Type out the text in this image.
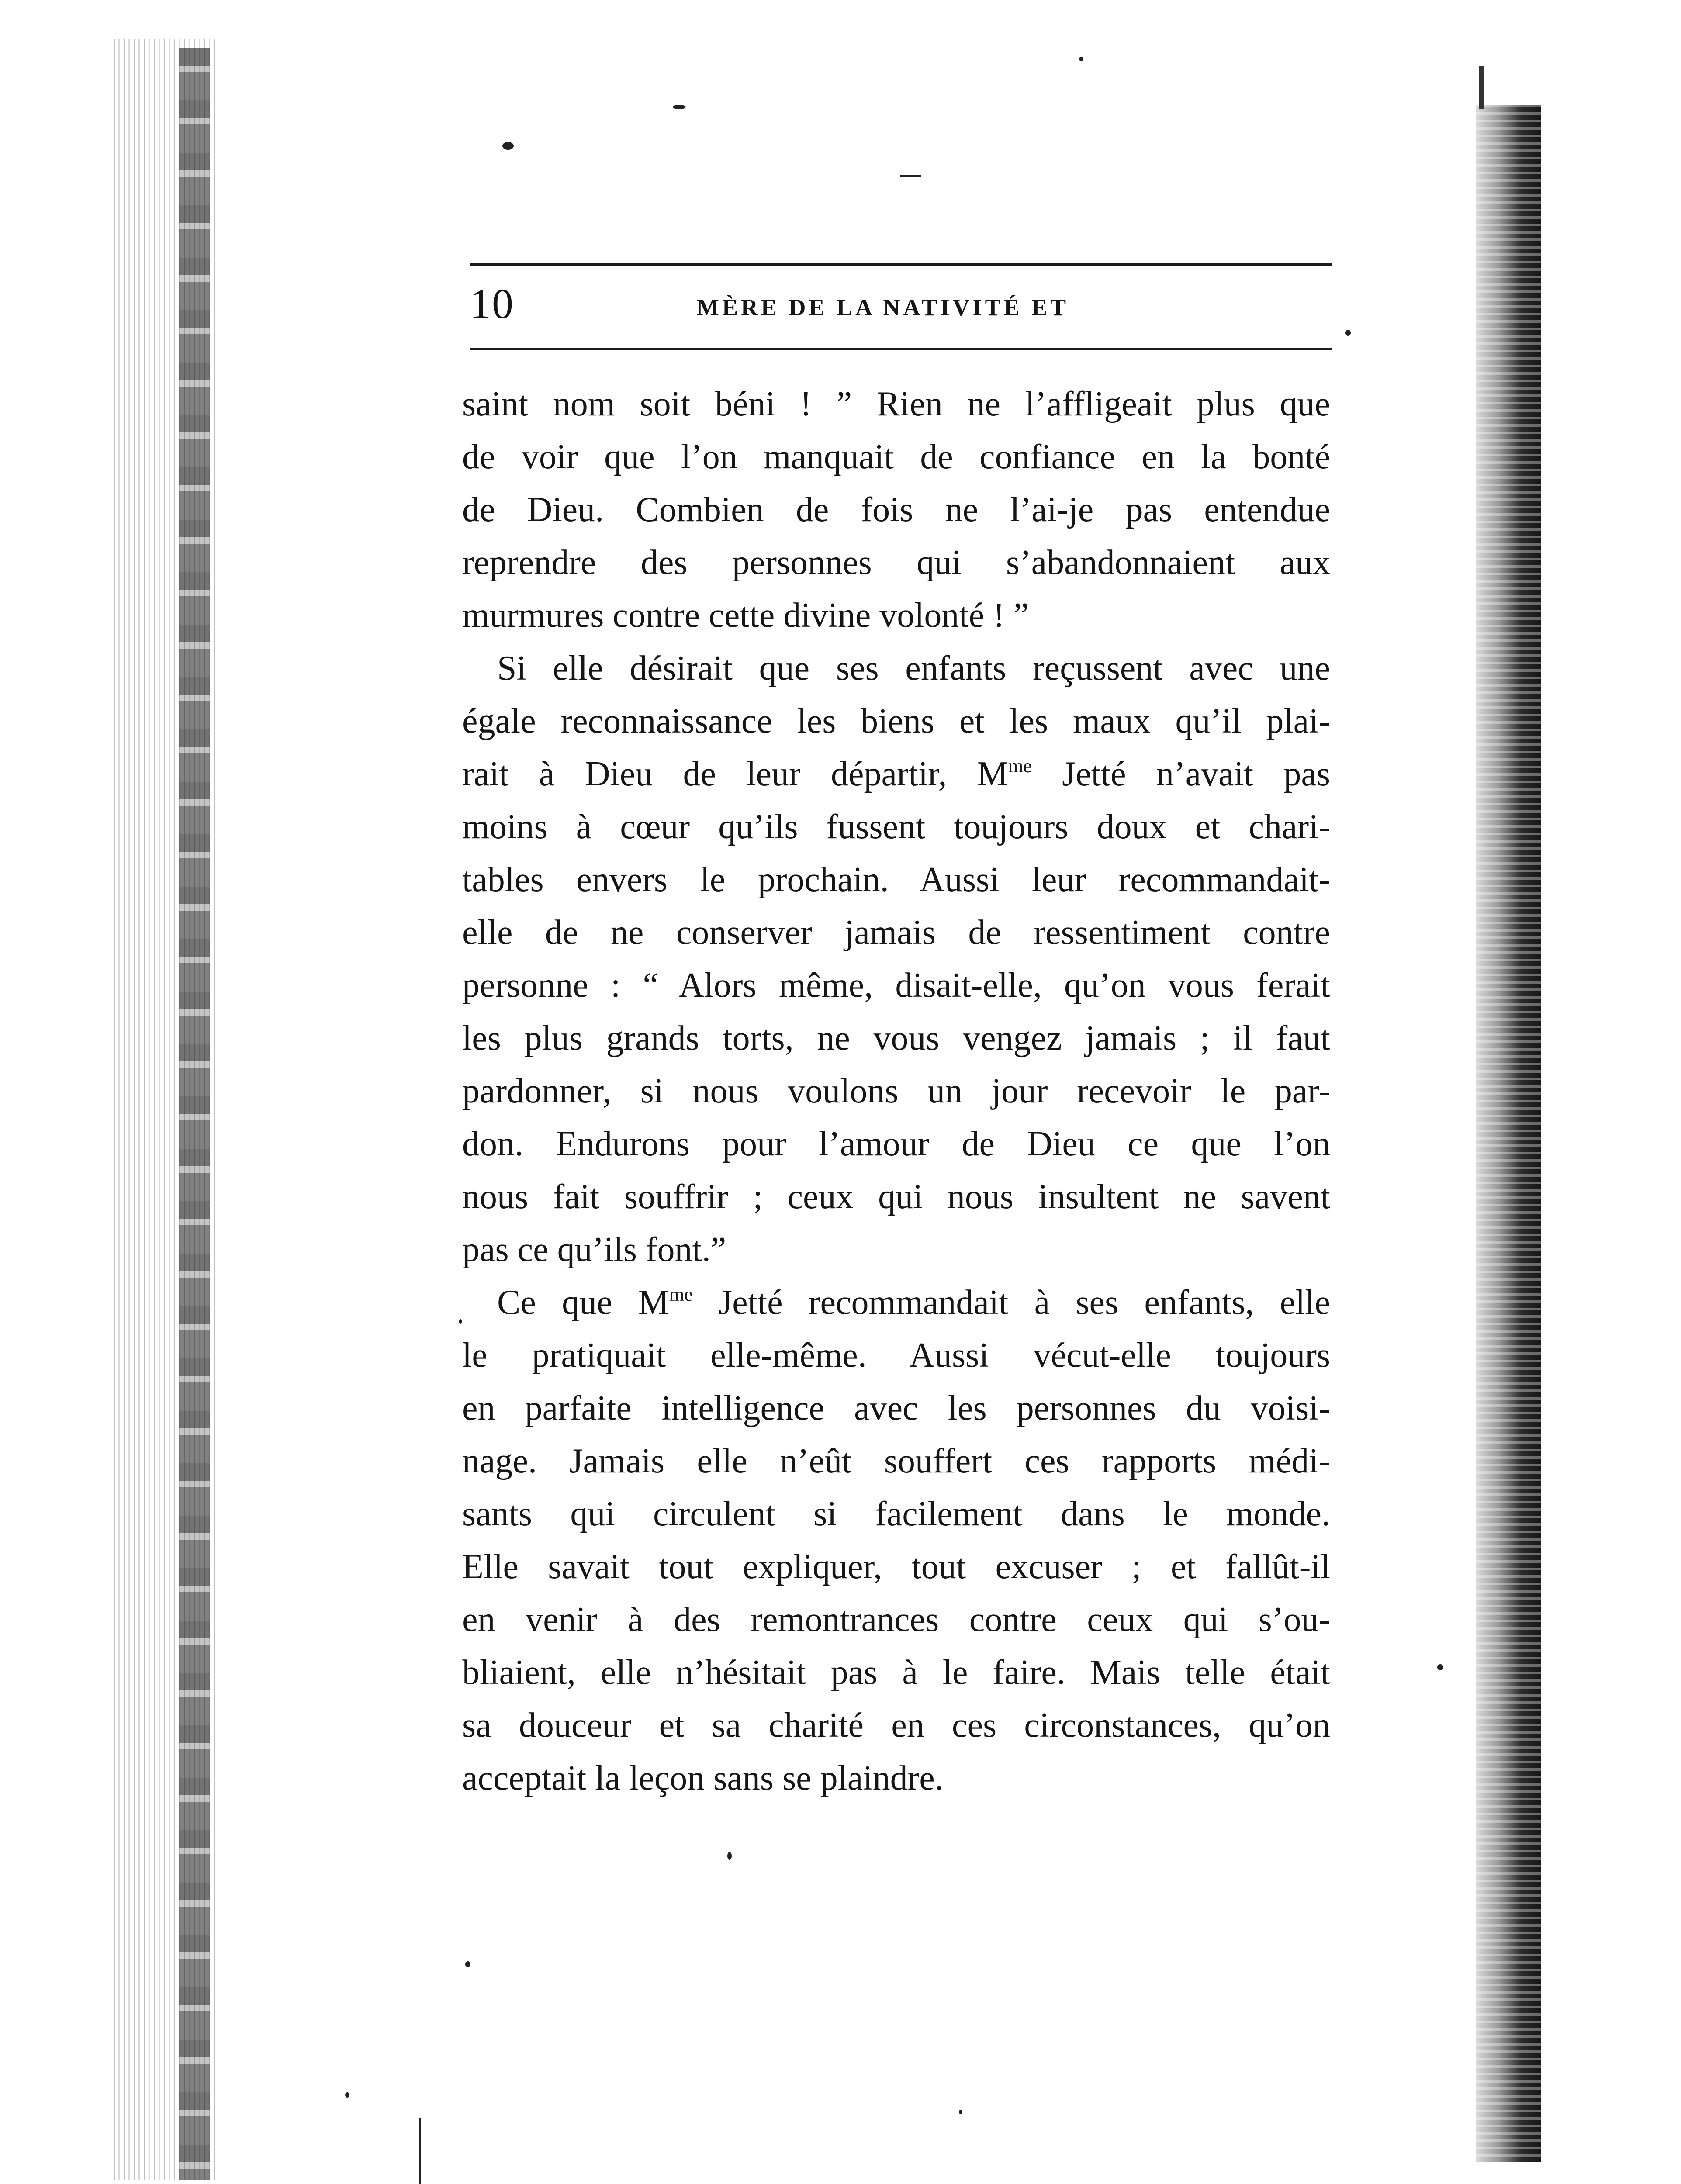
10	MÈRE DE LA NATIVITÉ ET
saint nom soit béni ! ” Rien ne l’affligeait plus que
de voir que l’on manquait de confiance en la bonté
de Dieu. Combien de fois ne l’ai-je pas entendue
reprendre des personnes qui s’abandonnaient aux
murmures contre cette divine volonté ! ”
Si elle désirait que ses enfants reçussent avec une
égale reconnaissance les biens et les maux qu’il plai-
rait à Dieu de leur départir, $M^{me}$ Jetté n’avait pas
moins à cœur qu’ils fussent toujours doux et chari-
tables envers le prochain. Aussi leur recommandait-
elle de ne conserver jamais de ressentiment contre
personne : “ Alors même, disait-elle, qu’on vous ferait
les plus grands torts, ne vous vengez jamais ; il faut
pardonner, si nous voulons un jour recevoir le par-
don. Endurons pour l’amour de Dieu ce que l’on
nous fait souffrir ; ceux qui nous insultent ne savent
pas ce qu’ils font.”
Ce que $M^{me}$ Jetté recommandait à ses enfants, elle
le pratiquait elle-même. Aussi vécut-elle toujours
en parfaite intelligence avec les personnes du voisi-
nage. Jamais elle n’eût souffert ces rapports médi-
sants qui circulent si facilement dans le monde.
Elle savait tout expliquer, tout excuser ; et fallût-il
en venir à des remontrances contre ceux qui s’ou-
bliaient, elle n’hésitait pas à le faire. Mais telle était
sa douceur et sa charité en ces circonstances, qu’on
acceptait la leçon sans se plaindre.
